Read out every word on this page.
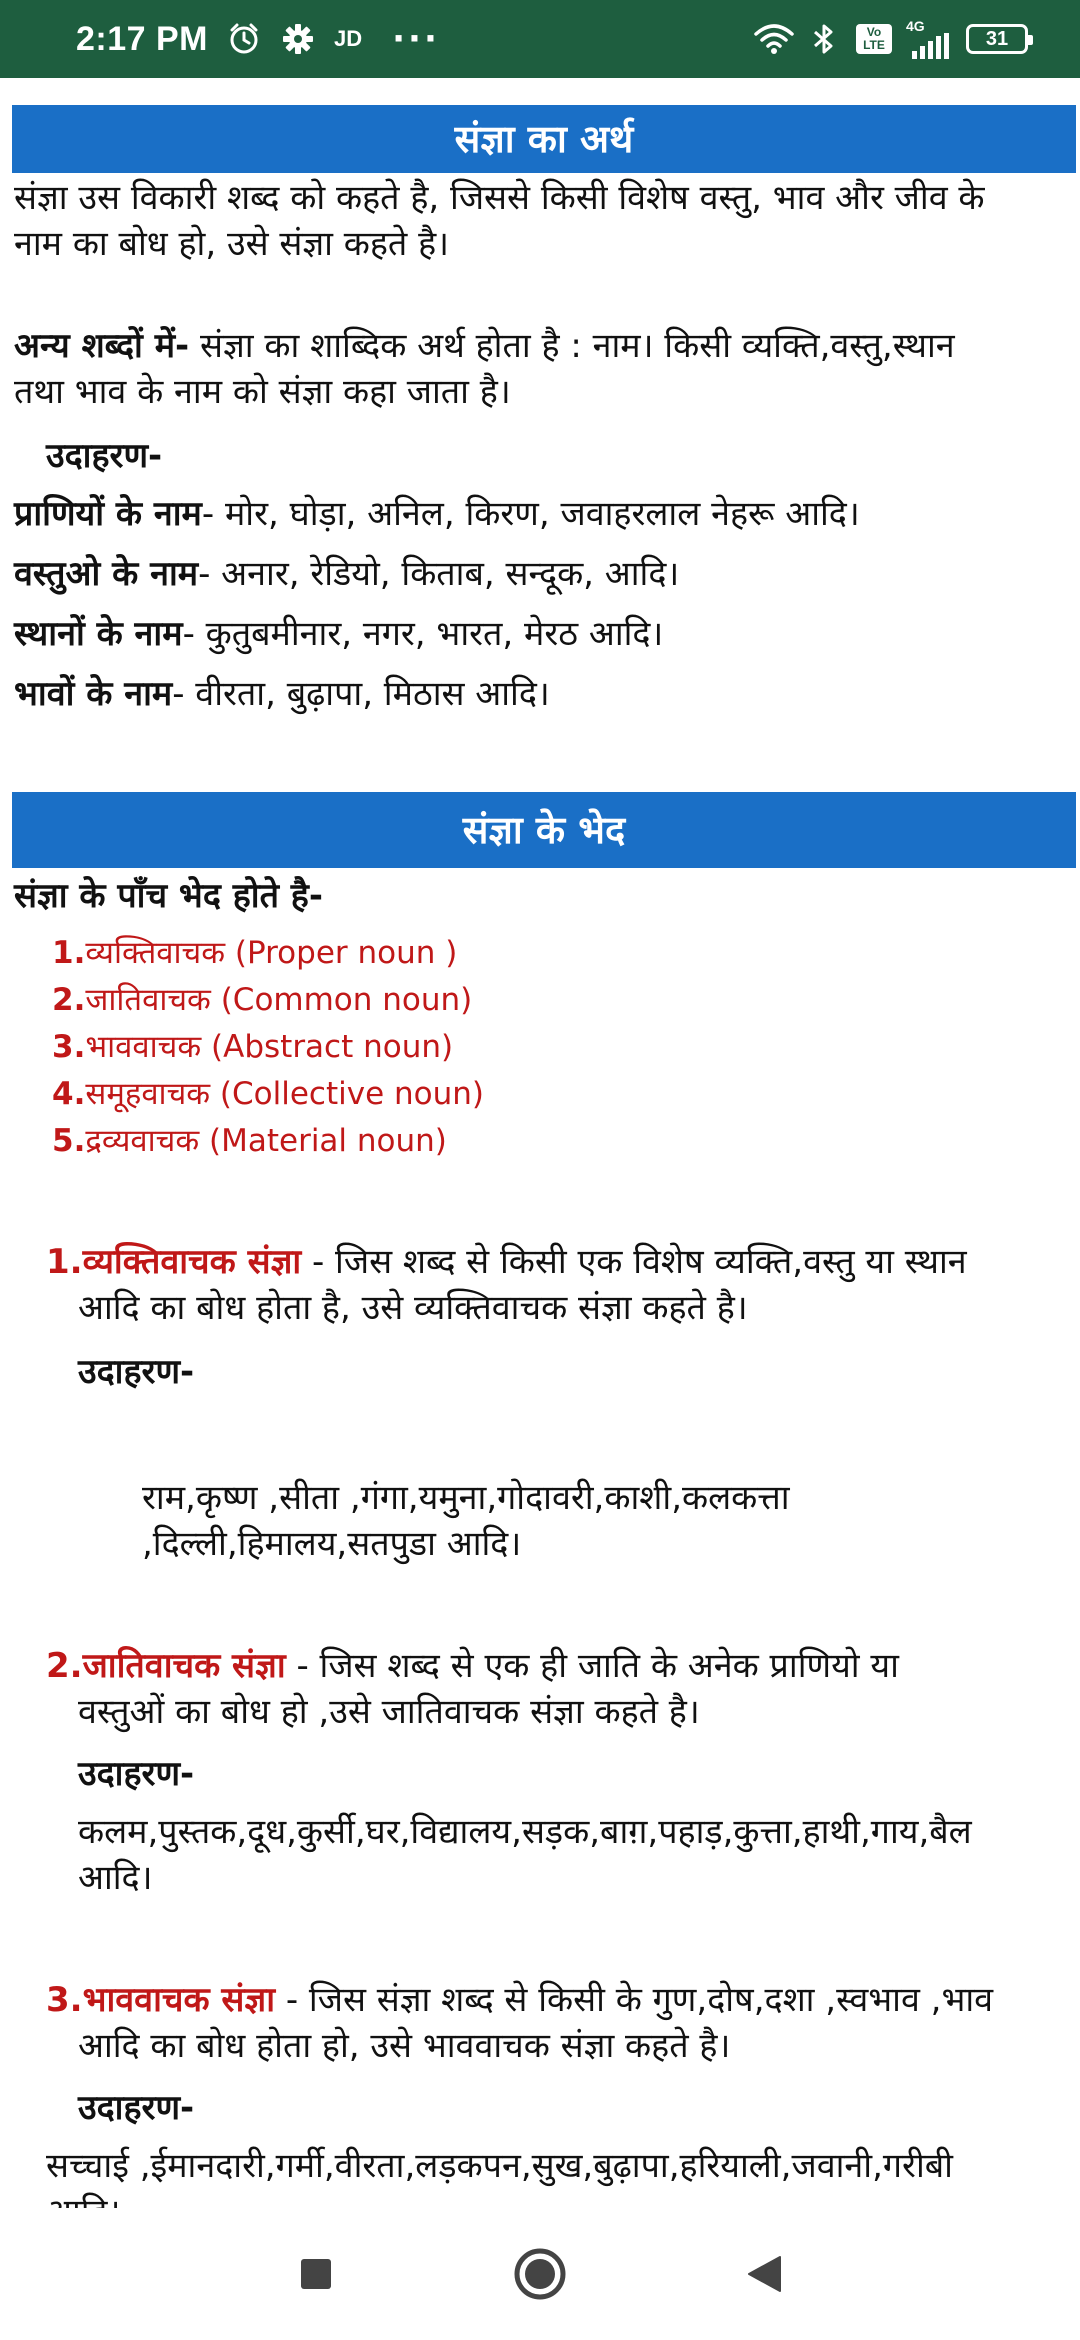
2:17 PM	JD ···	Vo
LTE
4G
31
संज्ञा का अर्थ
संज्ञा उस विकारी शब्द को कहते है, जिससे किसी विशेष वस्तु, भाव और जीव के
नाम का बोध हो, उसे संज्ञा कहते है।
अन्य शब्दों में- संज्ञा का शाब्दिक अर्थ होता है : नाम। किसी व्यक्ति,वस्तु,स्थान
तथा भाव के नाम को संज्ञा कहा जाता है।
उदाहरण-
प्राणियों के नाम- मोर, घोड़ा, अनिल, किरण, जवाहरलाल नेहरू आदि।
वस्तुओ के नाम- अनार, रेडियो, किताब, सन्दूक, आदि।
स्थानों के नाम- कुतुबमीनार, नगर, भारत, मेरठ आदि।
भावों के नाम- वीरता, बुढ़ापा, मिठास आदि।
संज्ञा के भेद
संज्ञा के पाँच भेद होते है-
1.व्यक्तिवाचक (Proper noun )
2.जातिवाचक (Common noun)
3.भाववाचक (Abstract noun)
4.समूहवाचक (Collective noun)
5.द्रव्यवाचक (Material noun)
1.व्यक्तिवाचक संज्ञा - जिस शब्द से किसी एक विशेष व्यक्ति,वस्तु या स्थान
आदि का बोध होता है, उसे व्यक्तिवाचक संज्ञा कहते है।
उदाहरण-
राम,कृष्ण ,सीता ,गंगा,यमुना,गोदावरी,काशी,कलकत्ता
,दिल्ली,हिमालय,सतपुडा आदि।
2.जातिवाचक संज्ञा - जिस शब्द से एक ही जाति के अनेक प्राणियो या
वस्तुओं का बोध हो ,उसे जातिवाचक संज्ञा कहते है।
उदाहरण-
कलम,पुस्तक,दूध,कुर्सी,घर,विद्यालय,सड़क,बाग़,पहाड़,कुत्ता,हाथी,गाय,बैल
आदि।
3.भाववाचक संज्ञा - जिस संज्ञा शब्द से किसी के गुण,दोष,दशा ,स्वभाव ,भाव
आदि का बोध होता हो, उसे भाववाचक संज्ञा कहते है।
उदाहरण-
सच्चाई ,ईमानदारी,गर्मी,वीरता,लड़कपन,सुख,बुढ़ापा,हरियाली,जवानी,गरीबी
